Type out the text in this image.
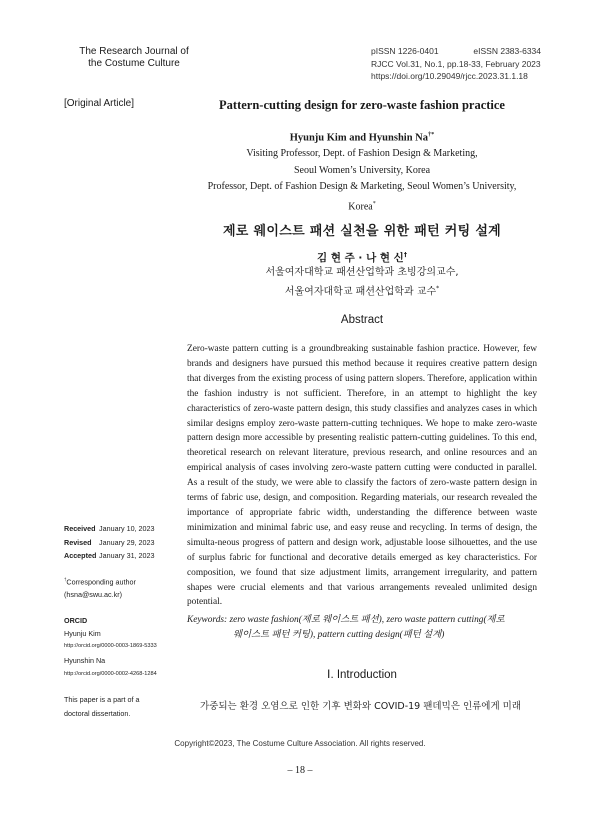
The Research Journal of
the Costume Culture
pISSN 1226-0401	eISSN 2383-6334
RJCC Vol.31, No.1, pp.18-33, February 2023
https://doi.org/10.29049/rjcc.2023.31.1.18
[Original Article]	Pattern-cutting design for zero-waste fashion practice
Hyunju Kim and Hyunshin Na†*
Visiting Professor, Dept. of Fashion Design & Marketing,
Seoul Women’s University, Korea
Professor, Dept. of Fashion Design & Marketing, Seoul Women’s University,
Korea*
제로 웨이스트 패션 실천을 위한 패턴 커팅 설계
김 현 주 · 나 현 신†
서울여자대학교 패션산업학과 초빙강의교수,
서울여자대학교 패션산업학과 교수*
Abstract

Zero-waste pattern cutting is a groundbreaking sustainable fashion practice. However, few brands and designers have pursued this method because it requires creative pattern design that diverges from the existing process of using pattern slopers. Therefore, application within the fashion industry is not sufficient. Therefore, in an attempt to highlight the key characteristics of zero-waste pattern design, this study classifies and analyzes cases in which similar designs employ zero-waste pattern-cutting techniques. We hope to make zero-waste pattern design more accessible by presenting realistic pattern-cutting guidelines. To this end, theoretical research on relevant literature, previous research, and online resources and an empirical analysis of cases involving zero-waste pattern cutting were conducted in parallel. As a result of the study, we were able to classify the factors of zero-waste pattern design in terms of fabric use, design, and composition. Regarding materials, our research revealed the importance of appropriate fabric width, understanding the difference between waste minimization and minimal fabric use, and easy reuse and recycling. In terms of design, the simulta-neous progress of pattern and design work, adjustable loose silhouettes, and the use of surplus fabric for functional and decorative details emerged as key characteristics. For composition, we found that size adjustment limits, arrangement irregularity, and pattern shapes were crucial elements and that various arrangements revealed unlimited design potential.

Keywords: zero waste fashion(제로 웨이스트 패션), zero waste pattern cutting(제로
웨이스트 패턴 커팅), pattern cutting design(패턴 설계)
Ⅰ. Introduction
가중되는 환경 오염으로 인한 기후 변화와 COVID-19 팬데믹은 인류에게 미래
Received January 10, 2023
Revised January 29, 2023
Accepted January 31, 2023
†Corresponding author
(hsna@swu.ac.kr)
ORCID
Hyunju Kim
http://orcid.org/0000-0003-1869-5333
Hyunshin Na
http://orcid.org/0000-0002-4268-1284
This paper is a part of a
doctoral dissertation.
Copyright©2023, The Costume Culture Association. All rights reserved.
– 18 –
